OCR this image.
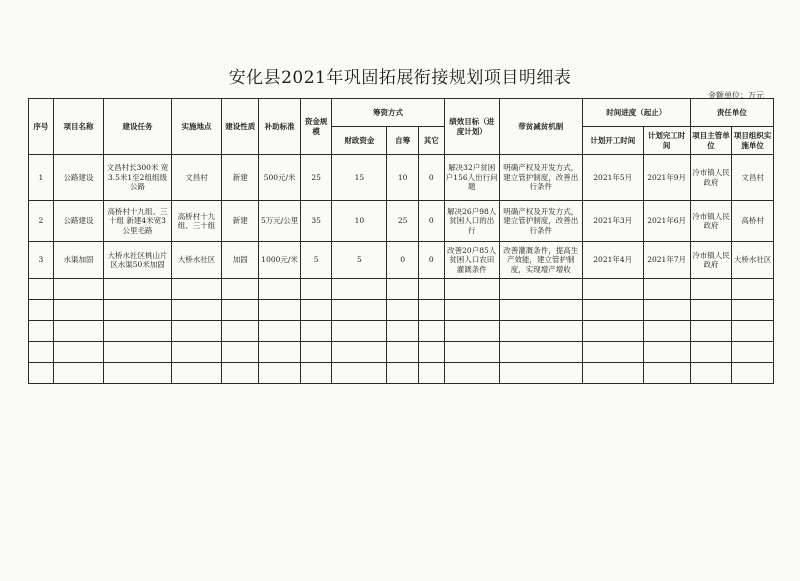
安化县2021年巩固拓展衔接规划项目明细表
金额单位：万元
序号	项目名称	建设任务	实施地点	建设性质	补助标准	资金规模	筹资方式			绩效目标（进度计划）	带贫减贫机制	时间进度（起止）		责任单位	
							财政资金	自筹	其它			计划开工时间	计划完工时间	项目主管单位	项目组织实施单位
1	公路建设	文昌村长300米 宽3.5米1至2组组级公路	文昌村	新建	500元/米	25	15	10	0	解决32户贫困户156人出行问题	明确产权及开发方式，建立管护制度，改善出行条件	2021年5月	2021年9月	冷市镇人民政府	文昌村
2	公路建设	高桥村十九组、三十组 新建4米宽3公里毛路	高桥村十九组、三十组	新建	5万元/公里	35	10	25	0	解决26户98人贫困人口的出行	明确产权及开发方式，建立管护制度，改善出行条件	2021年3月	2021年6月	冷市镇人民政府	高桥村
3	水渠加固	大桥水社区桃山片区水渠50米加固	大桥水社区	加固	1000元/米	5	5	0	0	改善20户85人贫困人口农田灌溉条件	改善灌溉条件，提高生产效能，建立管护制度，实现增产增收	2021年4月	2021年7月	冷市镇人民政府	大桥水社区
